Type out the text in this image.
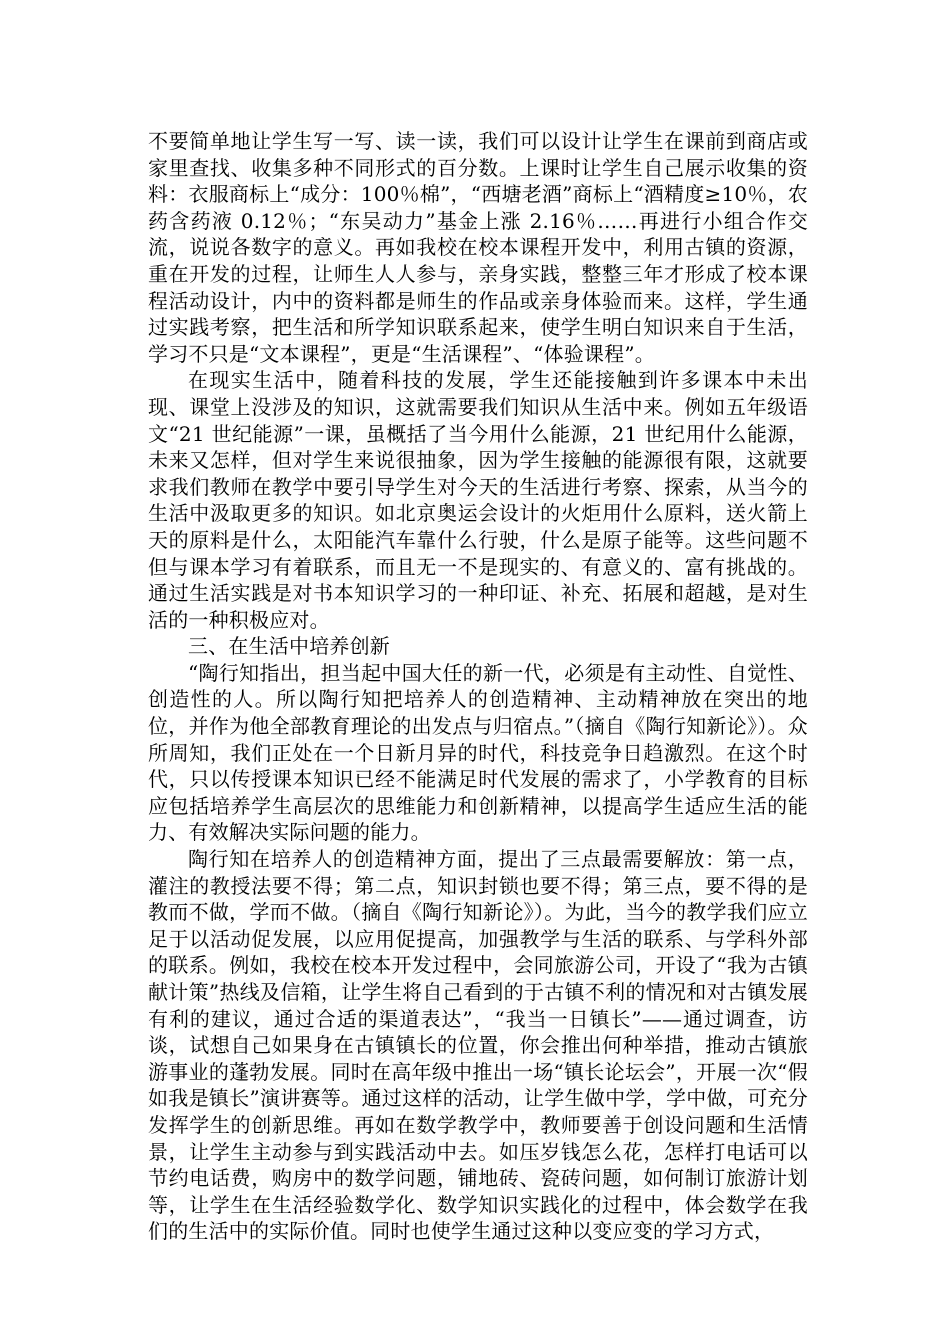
不要简单地让学生写一写、读一读，我们可以设计让学生在课前到商店或家里查找、收集多种不同形式的百分数。上课时让学生自己展示收集的资料：衣服商标上“成分：100％棉”，“西塘老酒”商标上“酒精度≥10％，农药含药液 0.12％；“东吴动力”基金上涨 2.16％……再进行小组合作交流，说说各数字的意义。再如我校在校本课程开发中，利用古镇的资源，重在开发的过程，让师生人人参与，亲身实践，整整三年才形成了校本课程活动设计，内中的资料都是师生的作品或亲身体验而来。这样，学生通过实践考察，把生活和所学知识联系起来，使学生明白知识来自于生活，学习不只是“文本课程”，更是“生活课程”、“体验课程”。

在现实生活中，随着科技的发展，学生还能接触到许多课本中未出现、课堂上没涉及的知识，这就需要我们知识从生活中来。例如五年级语文“21 世纪能源”一课，虽概括了当今用什么能源，21 世纪用什么能源，未来又怎样，但对学生来说很抽象，因为学生接触的能源很有限，这就要求我们教师在教学中要引导学生对今天的生活进行考察、探索，从当今的生活中汲取更多的知识。如北京奥运会设计的火炬用什么原料，送火箭上天的原料是什么，太阳能汽车靠什么行驶，什么是原子能等。这些问题不但与课本学习有着联系，而且无一不是现实的、有意义的、富有挑战的。通过生活实践是对书本知识学习的一种印证、补充、拓展和超越，是对生活的一种积极应对。

三、在生活中培养创新

“陶行知指出，担当起中国大任的新一代，必须是有主动性、自觉性、创造性的人。所以陶行知把培养人的创造精神、主动精神放在突出的地位，并作为他全部教育理论的出发点与归宿点。”（摘自《陶行知新论》）。众所周知，我们正处在一个日新月异的时代，科技竞争日趋激烈。在这个时代，只以传授课本知识已经不能满足时代发展的需求了，小学教育的目标应包括培养学生高层次的思维能力和创新精神，以提高学生适应生活的能力、有效解决实际问题的能力。

陶行知在培养人的创造精神方面，提出了三点最需要解放：第一点，灌注的教授法要不得；第二点，知识封锁也要不得；第三点，要不得的是教而不做，学而不做。（摘自《陶行知新论》）。为此，当今的教学我们应立足于以活动促发展，以应用促提高，加强教学与生活的联系、与学科外部的联系。例如，我校在校本开发过程中，会同旅游公司，开设了“我为古镇献计策”热线及信箱，让学生将自己看到的于古镇不利的情况和对古镇发展有利的建议，通过合适的渠道表达”，“我当一日镇长”——通过调查，访谈，试想自己如果身在古镇镇长的位置，你会推出何种举措，推动古镇旅游事业的蓬勃发展。同时在高年级中推出一场“镇长论坛会”，开展一次“假如我是镇长”演讲赛等。通过这样的活动，让学生做中学，学中做，可充分发挥学生的创新思维。再如在数学教学中，教师要善于创设问题和生活情景，让学生主动参与到实践活动中去。如压岁钱怎么花，怎样打电话可以节约电话费，购房中的数学问题，铺地砖、瓷砖问题，如何制订旅游计划等，让学生在生活经验数学化、数学知识实践化的过程中，体会数学在我们的生活中的实际价值。同时也使学生通过这种以变应变的学习方式，
